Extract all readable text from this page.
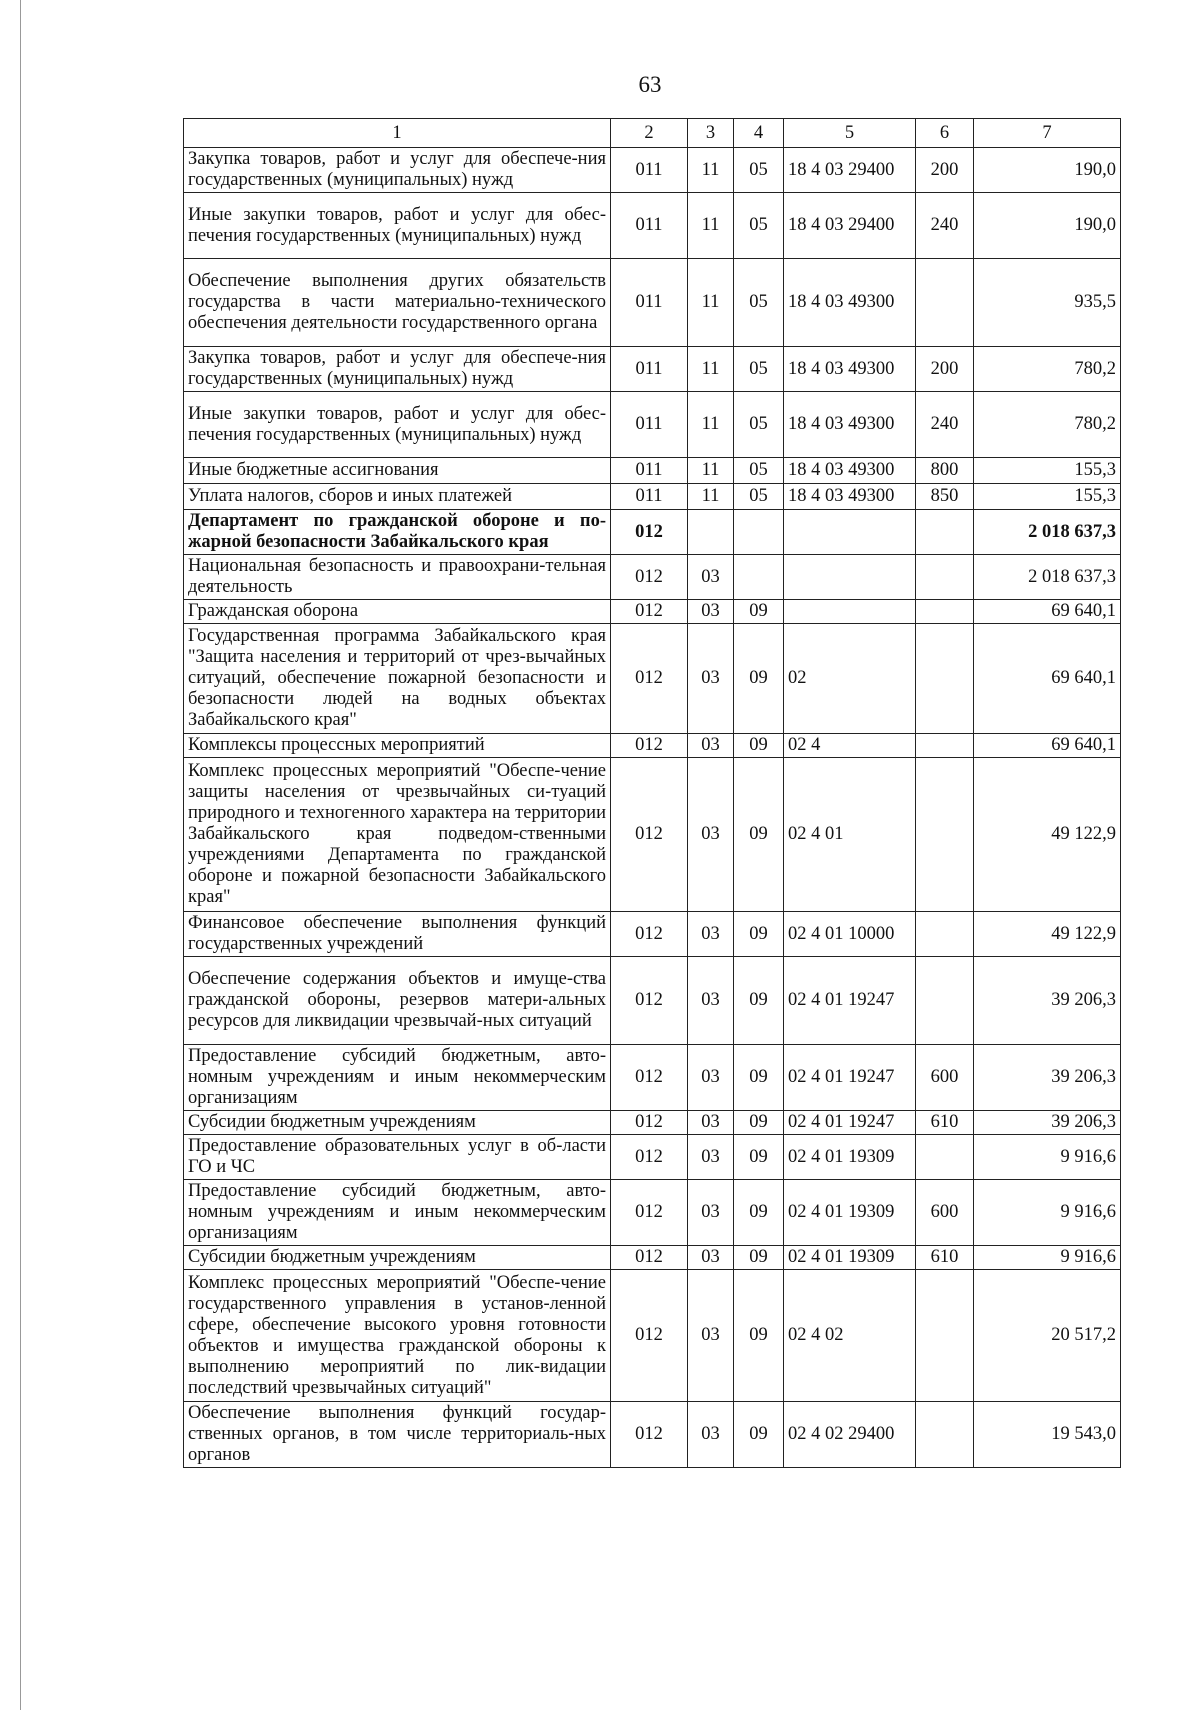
63
1	2	3	4	5	6	7
Закупка товаров, работ и услуг для обеспече-ния государственных (муниципальных) нужд	011	11	05	18 4 03 29400	200	190,0
Иные закупки товаров, работ и услуг для обес-печения государственных (муниципальных) нужд	011	11	05	18 4 03 29400	240	190,0
Обеспечение выполнения других обязательств государства в части материально-технического обеспечения деятельности государственного органа	011	11	05	18 4 03 49300		935,5
Закупка товаров, работ и услуг для обеспече-ния государственных (муниципальных) нужд	011	11	05	18 4 03 49300	200	780,2
Иные закупки товаров, работ и услуг для обес-печения государственных (муниципальных) нужд	011	11	05	18 4 03 49300	240	780,2
Иные бюджетные ассигнования	011	11	05	18 4 03 49300	800	155,3
Уплата налогов, сборов и иных платежей	011	11	05	18 4 03 49300	850	155,3
Департамент по гражданской обороне и по-жарной безопасности Забайкальского края	012					2 018 637,3
Национальная безопасность и правоохрани-тельная деятельность	012	03				2 018 637,3
Гражданская оборона	012	03	09			69 640,1
Государственная программа Забайкальского края "Защита населения и территорий от чрез-вычайных ситуаций, обеспечение пожарной безопасности и безопасности людей на водных объектах Забайкальского края"	012	03	09	02		69 640,1
Комплексы процессных мероприятий	012	03	09	02 4		69 640,1
Комплекс процессных мероприятий "Обеспе-чение защиты населения от чрезвычайных си-туаций природного и техногенного характера на территории Забайкальского края подведом-ственными учреждениями Департамента по гражданской обороне и пожарной безопасности Забайкальского края"	012	03	09	02 4 01		49 122,9
Финансовое обеспечение выполнения функций государственных учреждений	012	03	09	02 4 01 10000		49 122,9
Обеспечение содержания объектов и имуще-ства гражданской обороны, резервов матери-альных ресурсов для ликвидации чрезвычай-ных ситуаций	012	03	09	02 4 01 19247		39 206,3
Предоставление субсидий бюджетным, авто-номным учреждениям и иным некоммерческим организациям	012	03	09	02 4 01 19247	600	39 206,3
Субсидии бюджетным учреждениям	012	03	09	02 4 01 19247	610	39 206,3
Предоставление образовательных услуг в об-ласти ГО и ЧС	012	03	09	02 4 01 19309		9 916,6
Предоставление субсидий бюджетным, авто-номным учреждениям и иным некоммерческим организациям	012	03	09	02 4 01 19309	600	9 916,6
Субсидии бюджетным учреждениям	012	03	09	02 4 01 19309	610	9 916,6
Комплекс процессных мероприятий "Обеспе-чение государственного управления в установ-ленной сфере, обеспечение высокого уровня готовности объектов и имущества гражданской обороны к выполнению мероприятий по лик-видации последствий чрезвычайных ситуаций"	012	03	09	02 4 02		20 517,2
Обеспечение выполнения функций государ-ственных органов, в том числе территориаль-ных органов	012	03	09	02 4 02 29400		19 543,0
